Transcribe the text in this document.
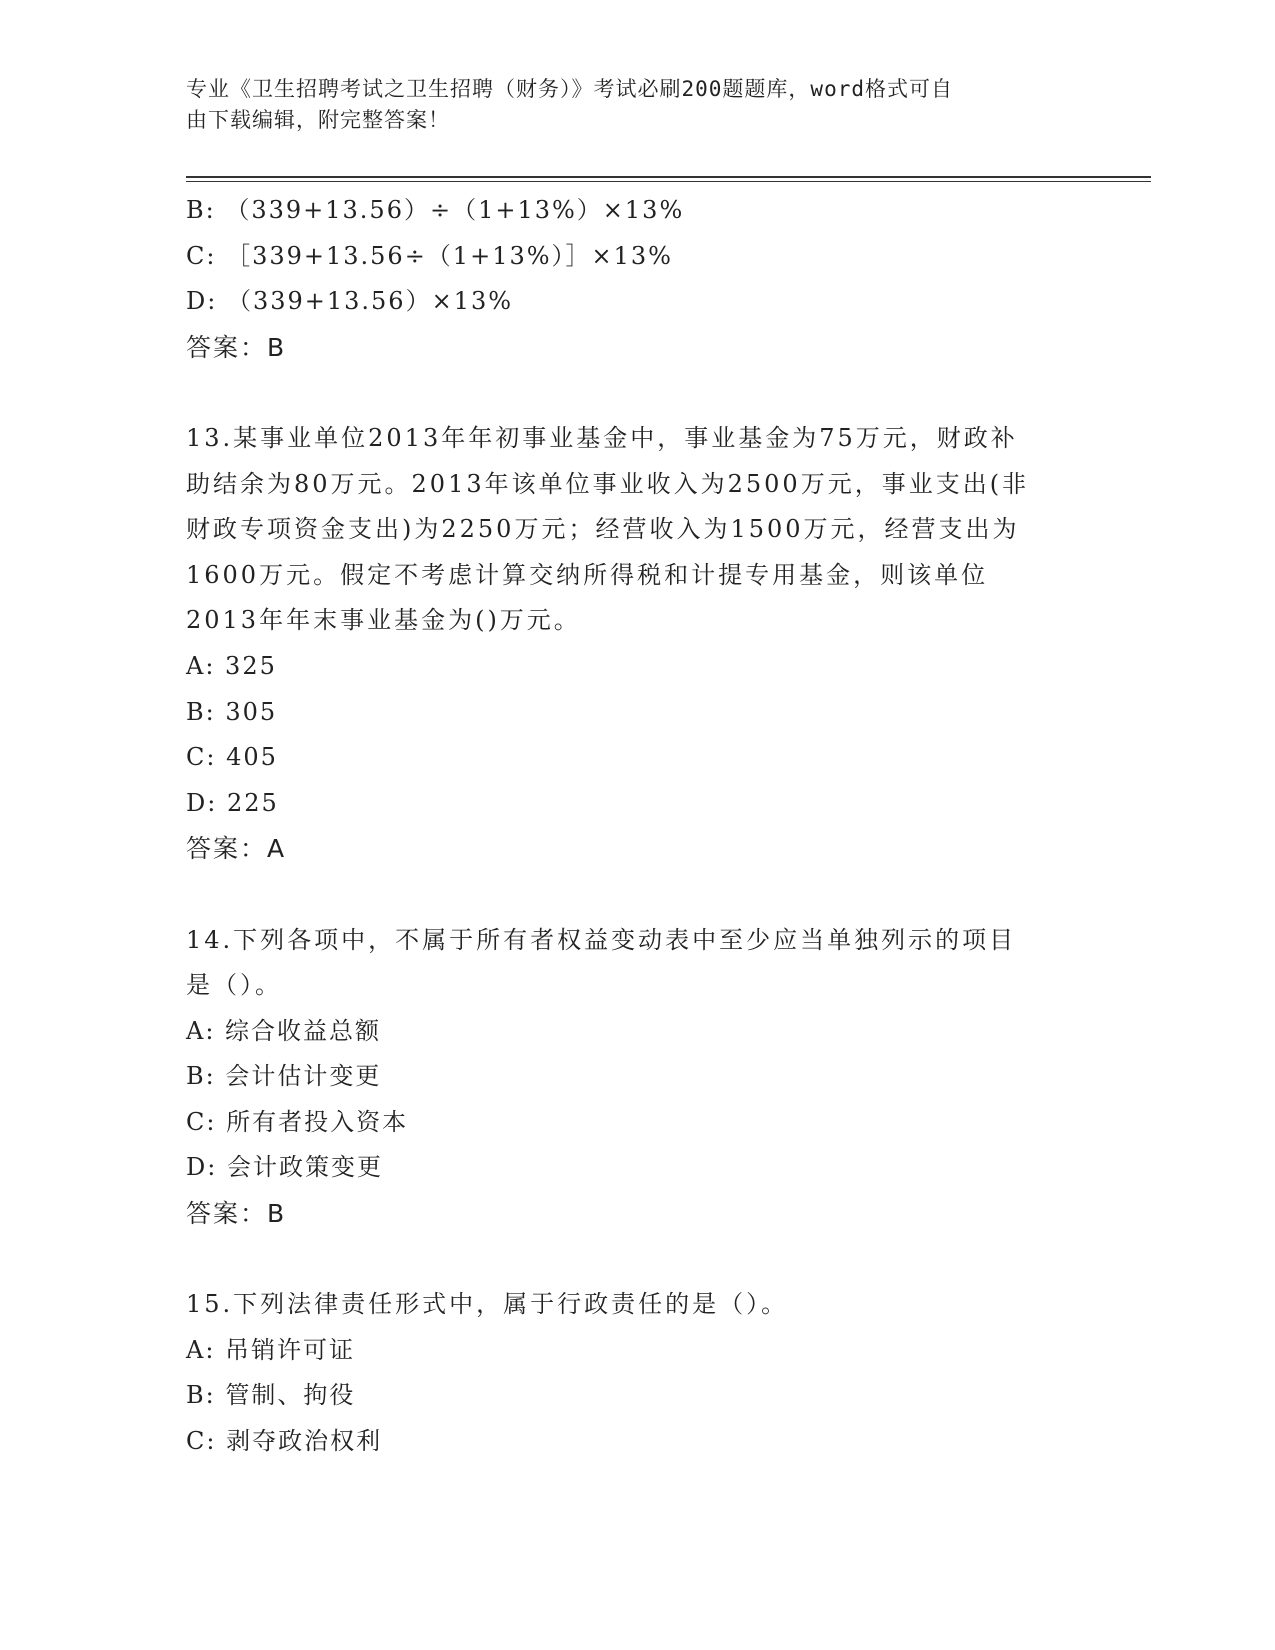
专业《卫生招聘考试之卫生招聘（财务）》考试必刷200题题库，word格式可自
由下载编辑，附完整答案！

B: （339+13.56）÷（1+13%）×13%

C: ［339+13.56÷（1+13%）］×13%

D: （339+13.56）×13%

答案：B

13.某事业单位2013年年初事业基金中，事业基金为75万元，财政补

助结余为80万元。2013年该单位事业收入为2500万元，事业支出(非

财政专项资金支出)为2250万元；经营收入为1500万元，经营支出为

1600万元。假定不考虑计算交纳所得税和计提专用基金，则该单位

2013年年末事业基金为()万元。

A: 325

B: 305

C: 405

D: 225

答案：A

14.下列各项中，不属于所有者权益变动表中至少应当单独列示的项目

是（）。

A: 综合收益总额

B: 会计估计变更

C: 所有者投入资本

D: 会计政策变更

答案：B

15.下列法律责任形式中，属于行政责任的是（）。

A: 吊销许可证

B: 管制、拘役

C: 剥夺政治权利
